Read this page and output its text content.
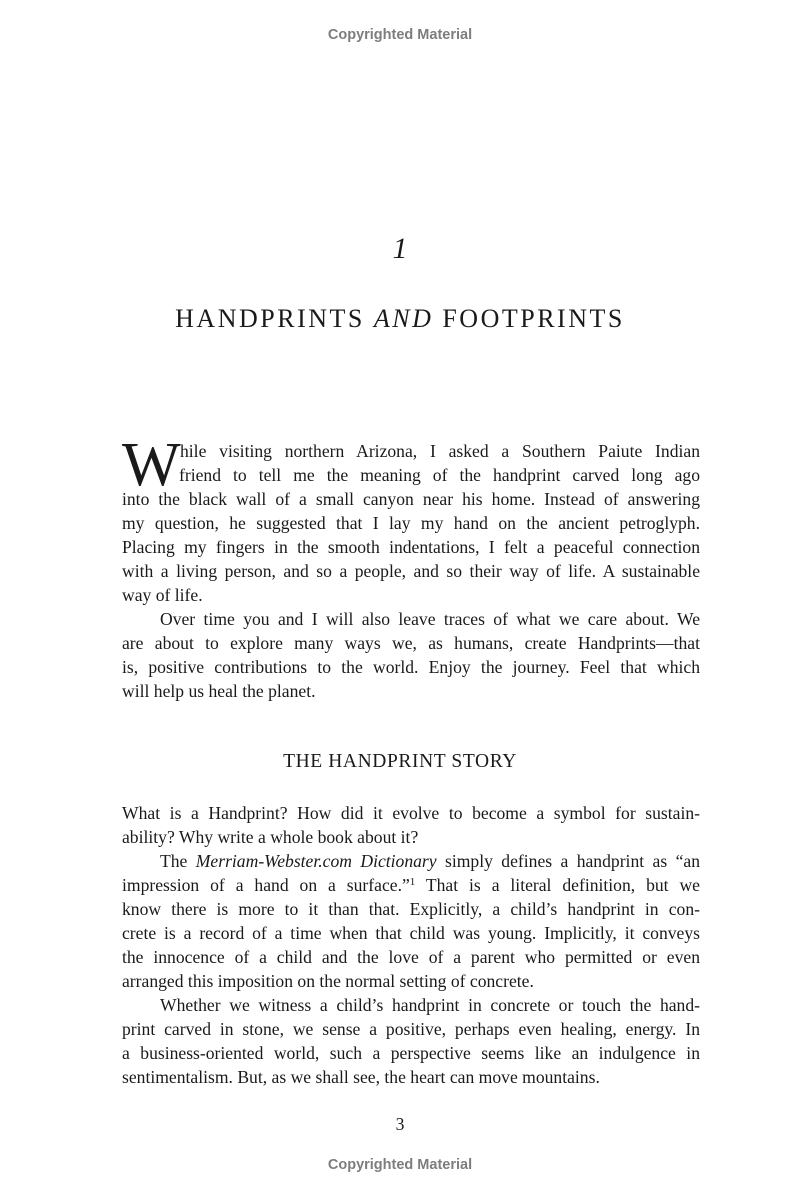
Copyrighted Material
1
HANDPRINTS AND FOOTPRINTS
W hile visiting northern Arizona, I asked a Southern Paiute Indian
friend to tell me the meaning of the handprint carved long ago
into the black wall of a small canyon near his home. Instead of answering
my question, he suggested that I lay my hand on the ancient petroglyph.
Placing my fingers in the smooth indentations, I felt a peaceful connection
with a living person, and so a people, and so their way of life. A sustainable
way of life.
Over time you and I will also leave traces of what we care about. We
are about to explore many ways we, as humans, create Handprints—that
is, positive contributions to the world. Enjoy the journey. Feel that which
will help us heal the planet.
THE HANDPRINT STORY
What is a Handprint? How did it evolve to become a symbol for sustain-
ability? Why write a whole book about it?
The Merriam-Webster.com Dictionary simply defines a handprint as “an
impression of a hand on a surface.”$^1$ That is a literal definition, but we
know there is more to it than that. Explicitly, a child’s handprint in con-
crete is a record of a time when that child was young. Implicitly, it conveys
the innocence of a child and the love of a parent who permitted or even
arranged this imposition on the normal setting of concrete.
Whether we witness a child’s handprint in concrete or touch the hand-
print carved in stone, we sense a positive, perhaps even healing, energy. In
a business-oriented world, such a perspective seems like an indulgence in
sentimentalism. But, as we shall see, the heart can move mountains.
3
Copyrighted Material
